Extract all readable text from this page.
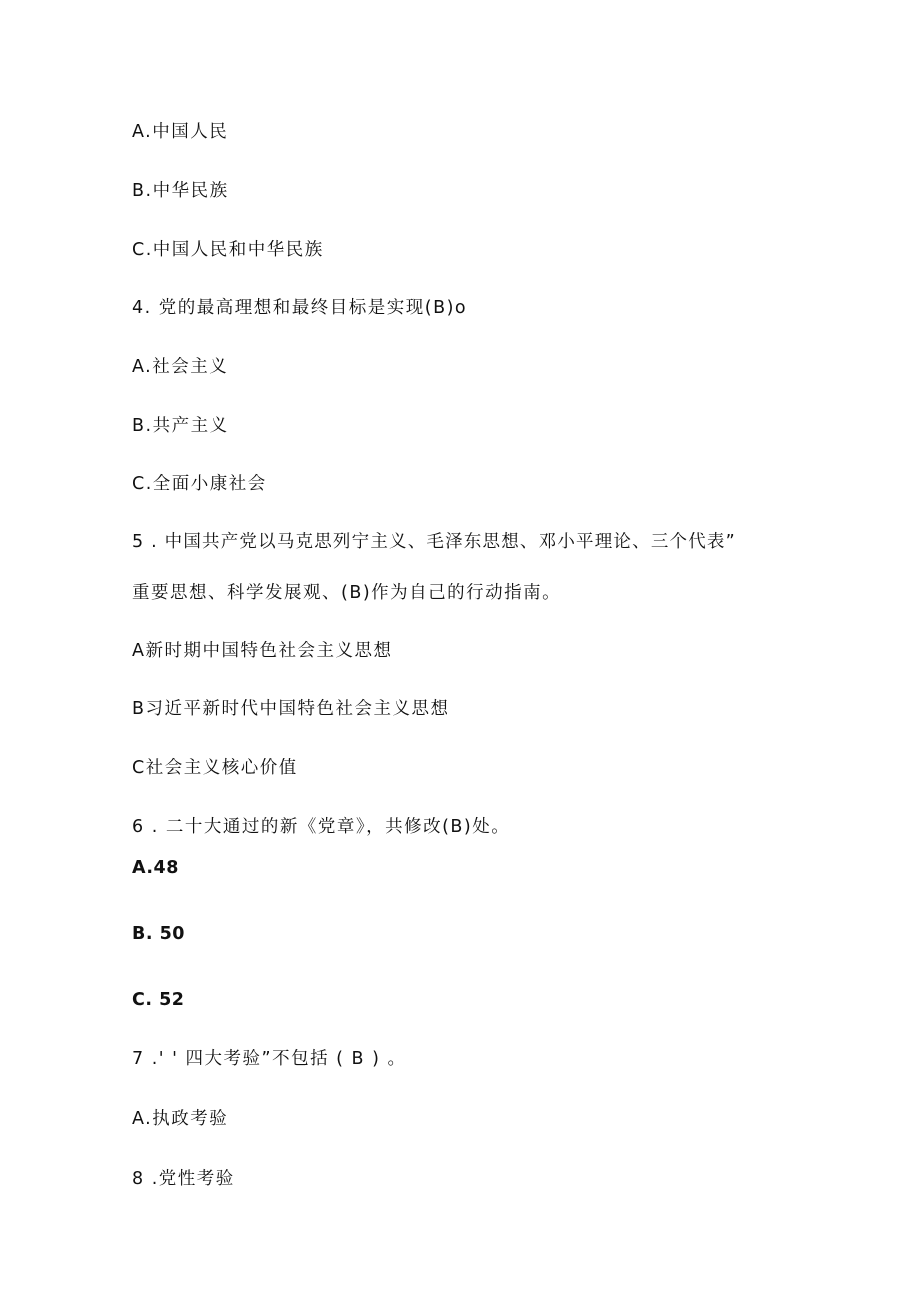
A.中国人民
B.中华民族
C.中国人民和中华民族
4. 党的最高理想和最终目标是实现(B)o
A.社会主义
B.共产主义
C.全面小康社会
5 . 中国共产党以马克思列宁主义、毛泽东思想、邓小平理论、三个代表”
重要思想、科学发展观、(B)作为自己的行动指南。
A新时期中国特色社会主义思想
B习近平新时代中国特色社会主义思想
C社会主义核心价值
6 . 二十大通过的新《党章》，共修改(B)处。
A.48
B. 50
C. 52
7 .' ' 四大考验”不包括 ( B ) 。
A.执政考验
8 .党性考验
